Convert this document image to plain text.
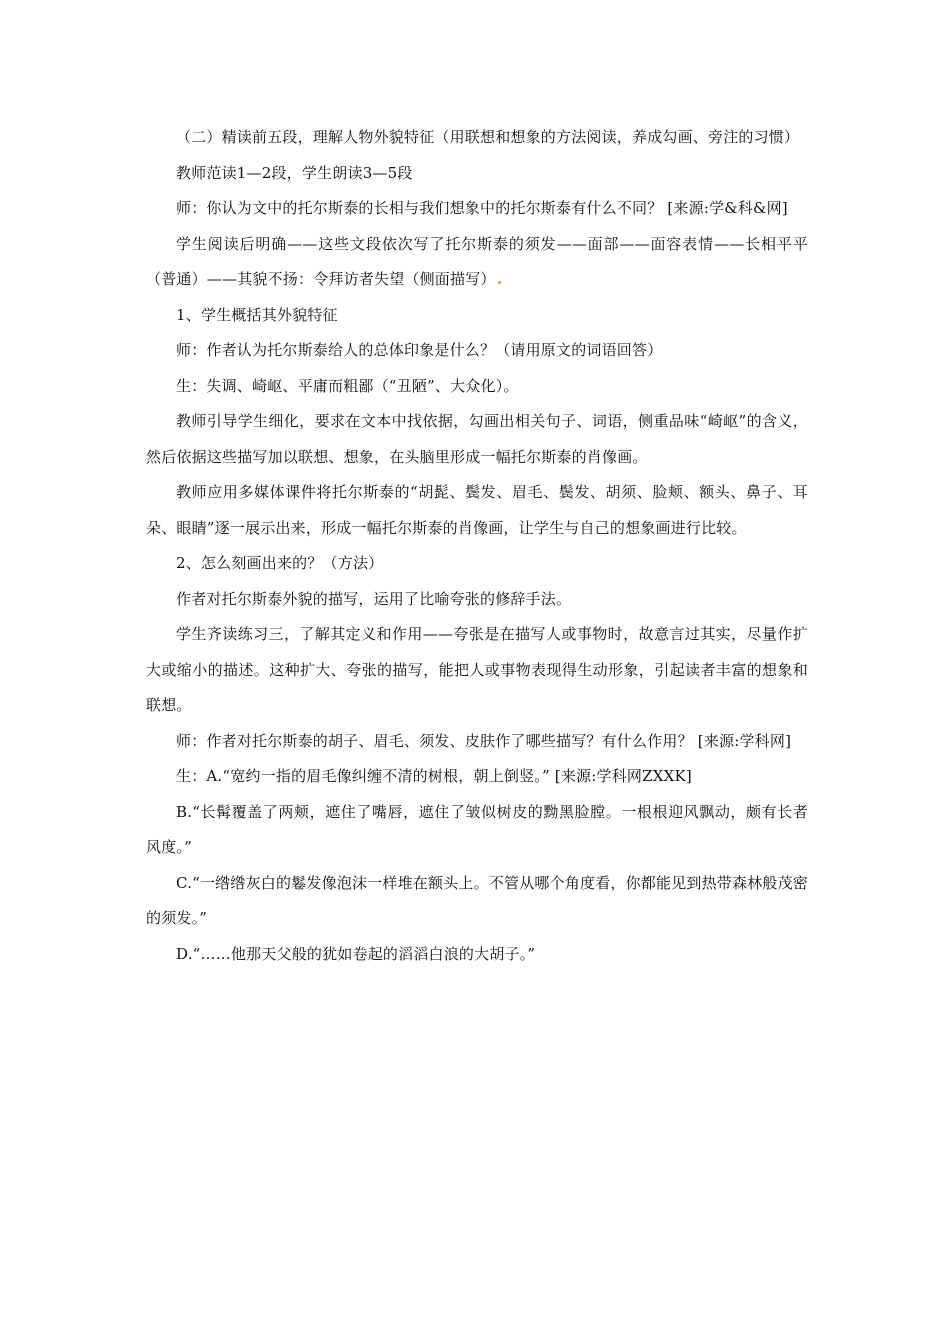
（二）精读前五段，理解人物外貌特征（用联想和想象的方法阅读，养成勾画、旁注的习惯）

教师范读1—2段，学生朗读3—5段

师：你认为文中的托尔斯泰的长相与我们想象中的托尔斯泰有什么不同？ [来源:学&科&网]

学生阅读后明确——这些文段依次写了托尔斯泰的须发——面部——面容表情——长相平平（普通）——其貌不扬：令拜访者失望（侧面描写）

1、学生概括其外貌特征

师：作者认为托尔斯泰给人的总体印象是什么？（请用原文的词语回答）

生：失调、崎岖、平庸而粗鄙（“丑陋”、大众化）。

教师引导学生细化，要求在文本中找依据，勾画出相关句子、词语，侧重品味“崎岖”的含义，然后依据这些描写加以联想、想象，在头脑里形成一幅托尔斯泰的肖像画。

教师应用多媒体课件将托尔斯泰的“胡髭、鬓发、眉毛、鬓发、胡须、脸颊、额头、鼻子、耳朵、眼睛”逐一展示出来，形成一幅托尔斯泰的肖像画，让学生与自己的想象画进行比较。

2、怎么刻画出来的？（方法）

作者对托尔斯泰外貌的描写，运用了比喻夸张的修辞手法。

学生齐读练习三，了解其定义和作用——夸张是在描写人或事物时，故意言过其实，尽量作扩大或缩小的描述。这种扩大、夸张的描写，能把人或事物表现得生动形象，引起读者丰富的想象和联想。

师：作者对托尔斯泰的胡子、眉毛、须发、皮肤作了哪些描写？有什么作用？ [来源:学科网]

生：A.“宽约一指的眉毛像纠缠不清的树根，朝上倒竖。” [来源:学科网ZXXK]

B.“长髯覆盖了两颊，遮住了嘴唇，遮住了皱似树皮的黝黑脸膛。一根根迎风飘动，颇有长者风度。”

C.“一绺绺灰白的鬈发像泡沫一样堆在额头上。不管从哪个角度看，你都能见到热带森林般茂密的须发。”

D.“……他那天父般的犹如卷起的滔滔白浪的大胡子。”
